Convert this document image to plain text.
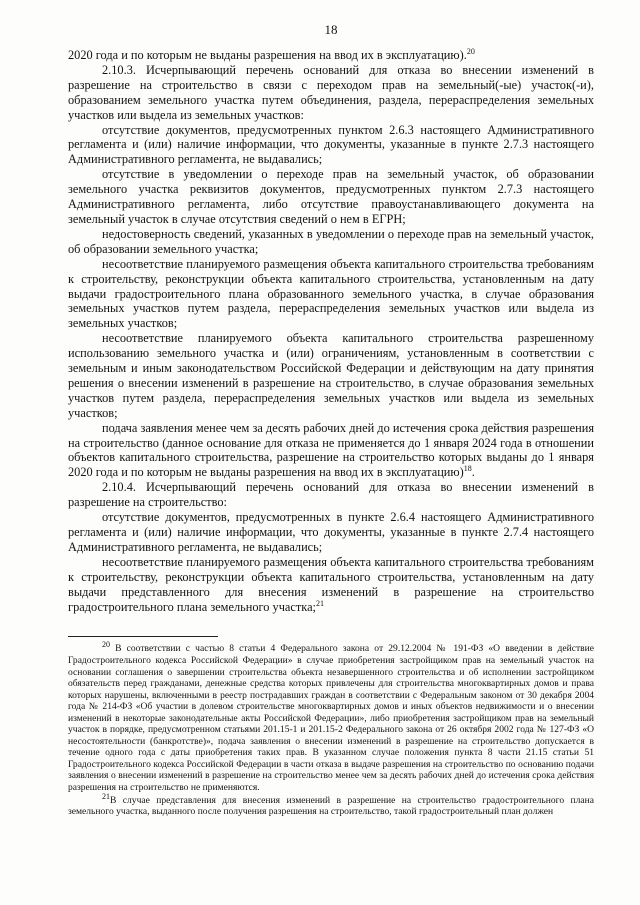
18

2020 года и по которым не выданы разрешения на ввод их в эксплуатацию).$^{20}$

2.10.3. Исчерпывающий перечень оснований для отказа во внесении изменений в разрешение на строительство в связи с переходом прав на земельный(-ые) участок(-и), образованием земельного участка путем объединения, раздела, перераспределения земельных участков или выдела из земельных участков:

отсутствие документов, предусмотренных пунктом 2.6.3 настоящего Административного регламента и (или) наличие информации, что документы, указанные в пункте 2.7.3 настоящего Административного регламента, не выдавались;

отсутствие в уведомлении о переходе прав на земельный участок, об образовании земельного участка реквизитов документов, предусмотренных пунктом 2.7.3 настоящего Административного регламента, либо отсутствие правоустанавливающего документа на земельный участок в случае отсутствия сведений о нем в ЕГРН;

недостоверность сведений, указанных в уведомлении о переходе прав на земельный участок, об образовании земельного участка;

несоответствие планируемого размещения объекта капитального строительства требованиям к строительству, реконструкции объекта капитального строительства, установленным на дату выдачи градостроительного плана образованного земельного участка, в случае образования земельных участков путем раздела, перераспределения земельных участков или выдела из земельных участков;

несоответствие планируемого объекта капитального строительства разрешенному использованию земельного участка и (или) ограничениям, установленным в соответствии с земельным и иным законодательством Российской Федерации и действующим на дату принятия решения о внесении изменений в разрешение на строительство, в случае образования земельных участков путем раздела, перераспределения земельных участков или выдела из земельных участков;

подача заявления менее чем за десять рабочих дней до истечения срока действия разрешения на строительство (данное основание для отказа не применяется до 1 января 2024 года в отношении объектов капитального строительства, разрешение на строительство которых выданы до 1 января 2020 года и по которым не выданы разрешения на ввод их в эксплуатацию)$^{18}$.

2.10.4. Исчерпывающий перечень оснований для отказа во внесении изменений в разрешение на строительство:

отсутствие документов, предусмотренных в пункте 2.6.4 настоящего Административного регламента и (или) наличие информации, что документы, указанные в пункте 2.7.4 настоящего Административного регламента, не выдавались;

несоответствие планируемого размещения объекта капитального строительства требованиям к строительству, реконструкции объекта капитального строительства, установленным на дату выдачи представленного для внесения изменений в разрешение на строительство градостроительного плана земельного участка;$^{21}$

$^{20}$ В соответствии с частью 8 статьи 4 Федерального закона от 29.12.2004 № 191-ФЗ «О введении в действие Градостроительного кодекса Российской Федерации» в случае приобретения застройщиком прав на земельный участок на основании соглашения о завершении строительства объекта незавершенного строительства и об исполнении застройщиком обязательств перед гражданами, денежные средства которых привлечены для строительства многоквартирных домов и права которых нарушены, включенными в реестр пострадавших граждан в соответствии с Федеральным законом от 30 декабря 2004 года № 214-ФЗ «Об участии в долевом строительстве многоквартирных домов и иных объектов недвижимости и о внесении изменений в некоторые законодательные акты Российской Федерации», либо приобретения застройщиком прав на земельный участок в порядке, предусмотренном статьями 201.15-1 и 201.15-2 Федерального закона от 26 октября 2002 года № 127-ФЗ «О несостоятельности (банкротстве)», подача заявления о внесении изменений в разрешение на строительство допускается в течение одного года с даты приобретения таких прав. В указанном случае положения пункта 8 части 21.15 статьи 51 Градостроительного кодекса Российской Федерации в части отказа в выдаче разрешения на строительство по основанию подачи заявления о внесении изменений в разрешение на строительство менее чем за десять рабочих дней до истечения срока действия разрешения на строительство не применяются.

$^{21}$В случае представления для внесения изменений в разрешение на строительство градостроительного плана земельного участка, выданного после получения разрешения на строительство, такой градостроительный план должен
